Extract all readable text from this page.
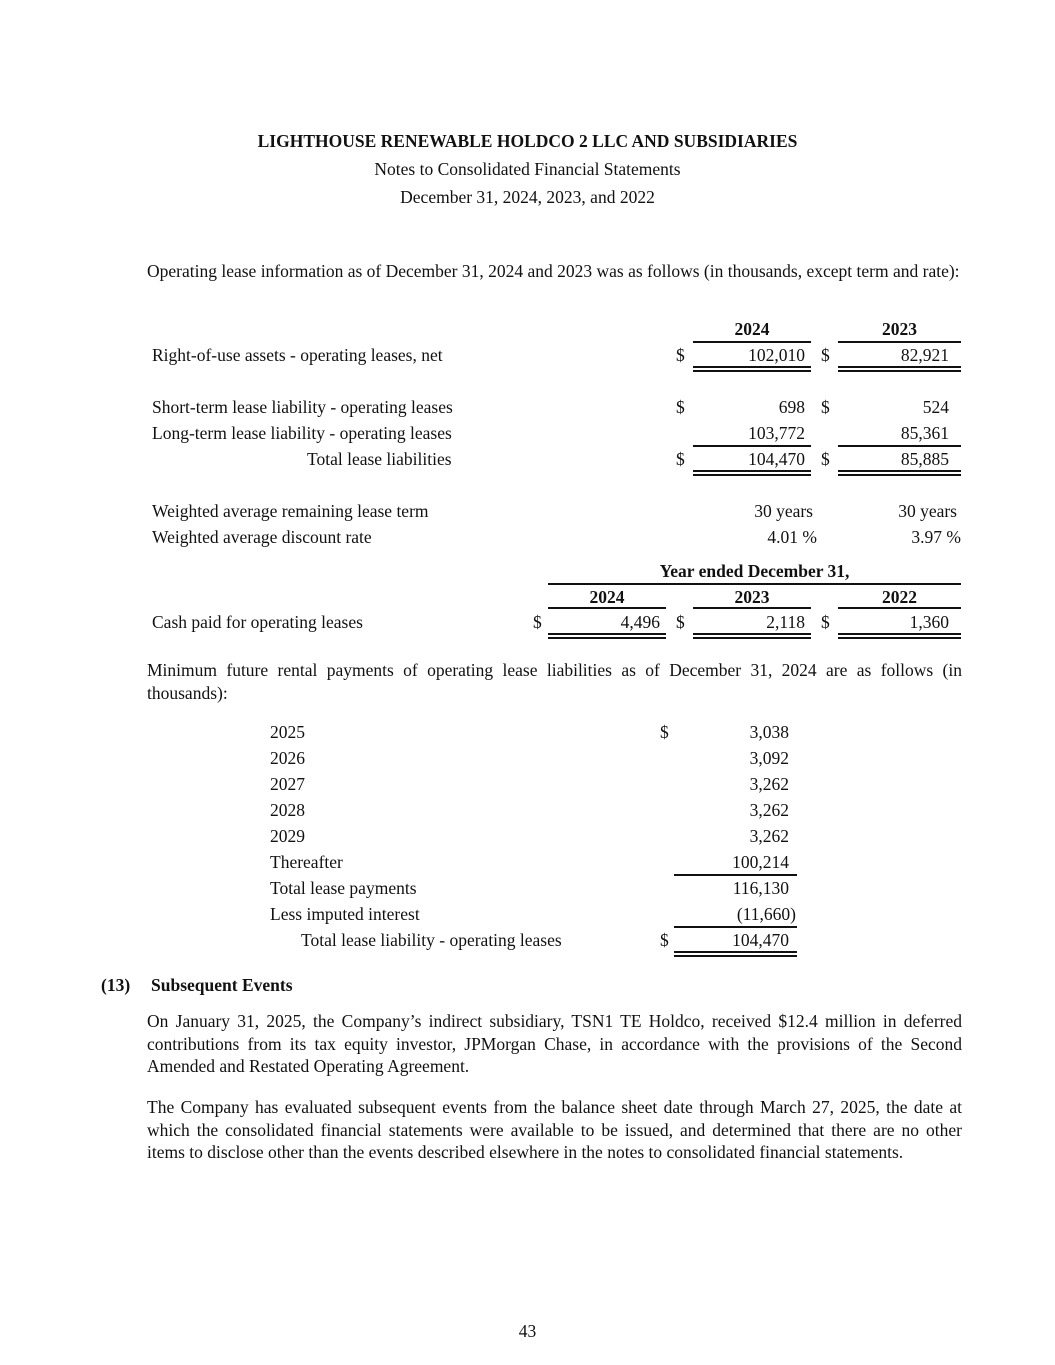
LIGHTHOUSE RENEWABLE HOLDCO 2 LLC AND SUBSIDIARIES
Notes to Consolidated Financial Statements
December 31, 2024, 2023, and 2022
Operating lease information as of December 31, 2024 and 2023 was as follows (in thousands, except term and rate):
2024	2023
Right-of-use assets - operating leases, net	$	102,010 $	82,921
Short-term lease liability - operating leases	$	698 $	524
Long-term lease liability - operating leases	103,772	85,361
Total lease liabilities	$	104,470 $	85,885
Weighted average remaining lease term	30 years	30 years
Weighted average discount rate	4.01 %	3.97 %
Year ended December 31,
2024	2023	2022
Cash paid for operating leases	$	4,496 $	2,118 $	1,360
Minimum future rental payments of operating lease liabilities as of December 31, 2024 are as follows (in thousands):
2025	$	3,038
2026	3,092
2027	3,262
2028	3,262
2029	3,262
Thereafter	100,214
Total lease payments	116,130
Less imputed interest	(11,660)
Total lease liability - operating leases	$	104,470
(13) Subsequent Events
On January 31, 2025, the Company’s indirect subsidiary, TSN1 TE Holdco, received $12.4 million in deferred contributions from its tax equity investor, JPMorgan Chase, in accordance with the provisions of the Second Amended and Restated Operating Agreement.
The Company has evaluated subsequent events from the balance sheet date through March 27, 2025, the date at which the consolidated financial statements were available to be issued, and determined that there are no other items to disclose other than the events described elsewhere in the notes to consolidated financial statements.
43
